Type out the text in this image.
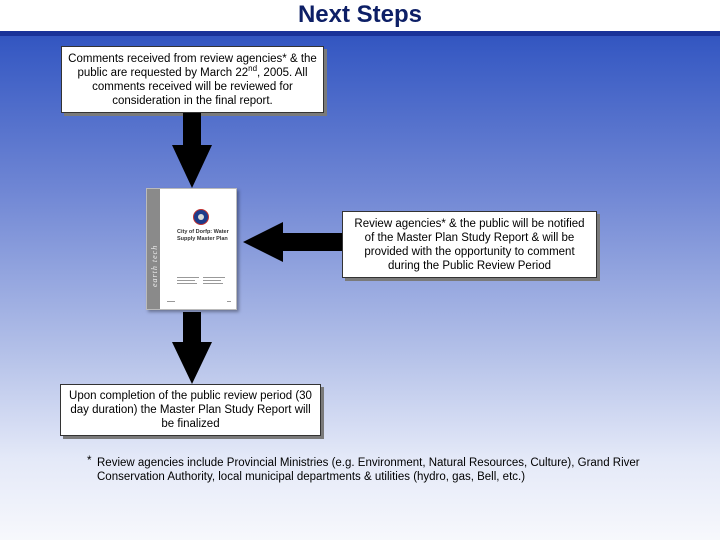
Next Steps
Comments received from review agencies* & the public are requested by March 22nd, 2005. All comments received will be reviewed for consideration in the final report.
earth tech
City of Dorfp: Water Supply Master Plan
Review agencies* & the public will be notified of the Master Plan Study Report & will be provided with the opportunity to comment during the Public Review Period
Upon completion of the public review period (30 day duration) the Master Plan Study Report will be finalized
* Review agencies include Provincial Ministries (e.g. Environment, Natural Resources, Culture), Grand River Conservation Authority, local municipal departments & utilities (hydro, gas, Bell, etc.)
